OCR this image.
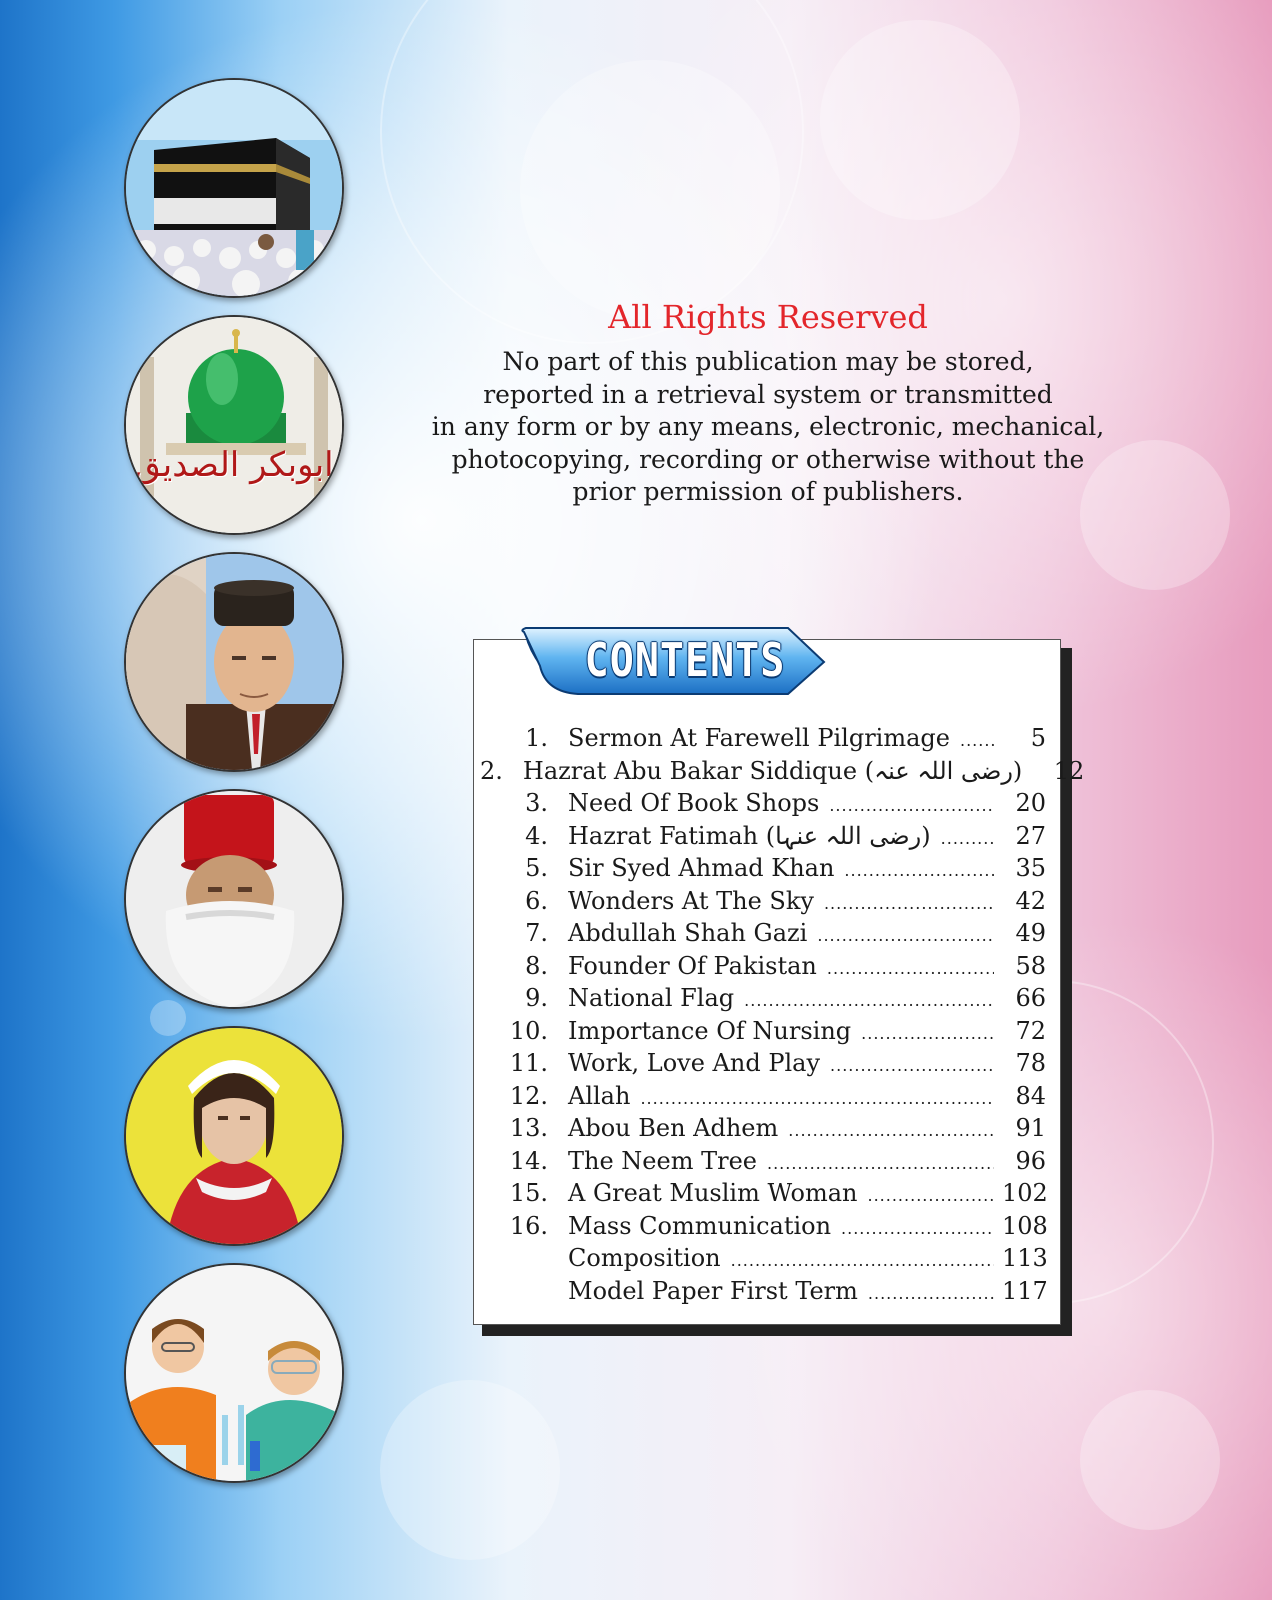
ابوبکر الصدیق
All Rights Reserved

No part of this publication may be stored,

reported in a retrieval system or transmitted

in any form or by any means, electronic, mechanical,

photocopying, recording or otherwise without the

prior permission of publishers.

CONTENTS
1. Sermon At Farewell Pilgrimage .....	5
2. Hazrat Abu Bakar Siddique (رضی اللہ عنہ)	12
3. Need Of Book Shops .....	20
4. Hazrat Fatimah (رضی اللہ عنہا) .....	27
5. Sir Syed Ahmad Khan .....	35
6. Wonders At The Sky .....	42
7. Abdullah Shah Gazi .....	49
8. Founder Of Pakistan .....	58
9. National Flag .....	66
10. Importance Of Nursing .....	72
11. Work, Love And Play .....	78
12. Allah .....	84
13. Abou Ben Adhem .....	91
14. The Neem Tree .....	96
15. A Great Muslim Woman .....	102
16. Mass Communication .....	108
Composition .....	113
Model Paper First Term .....	117
